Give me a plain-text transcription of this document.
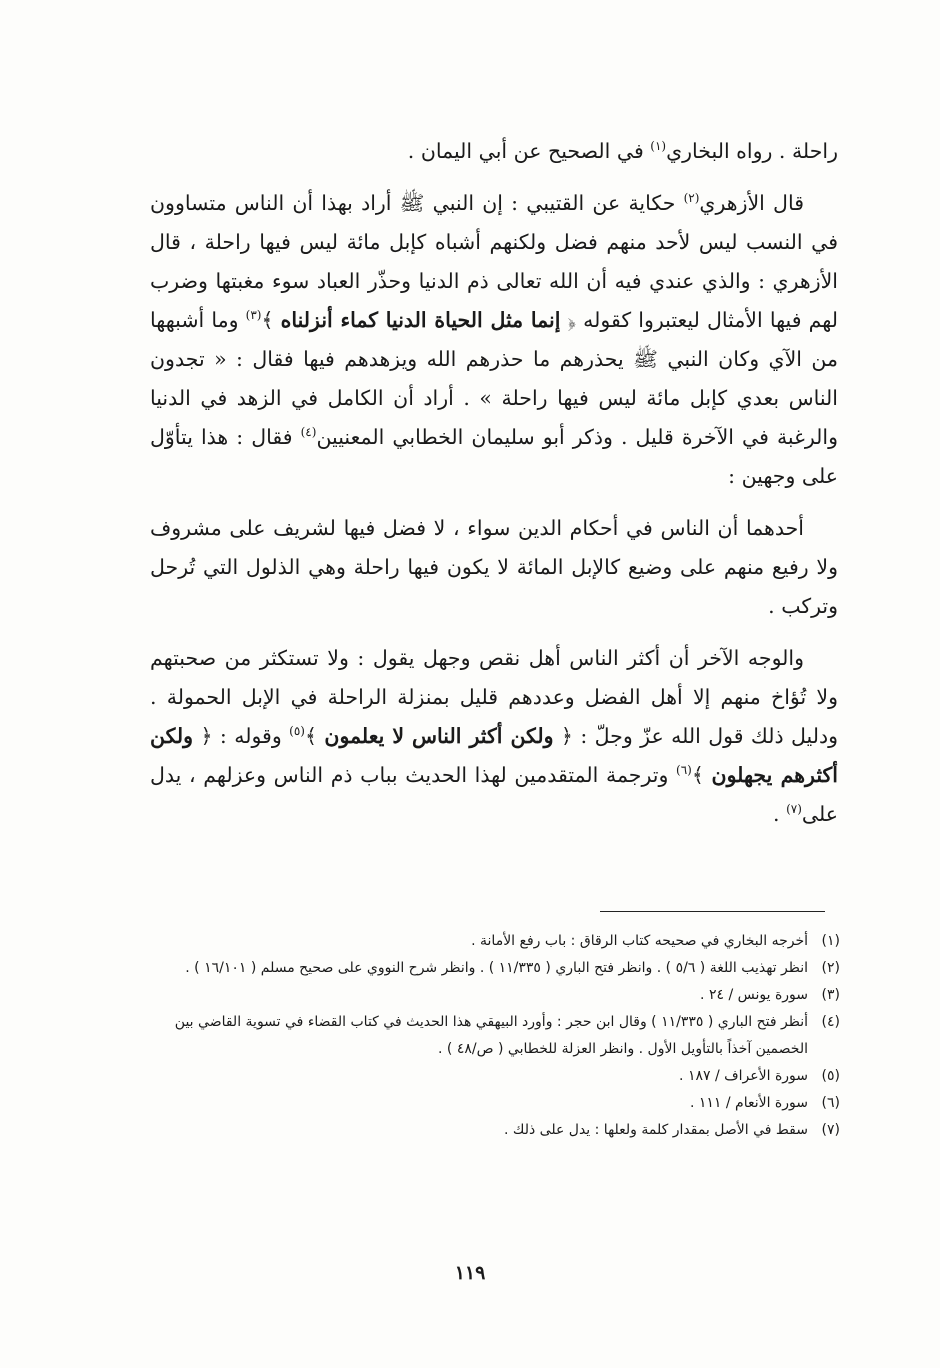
راحلة . رواه البخاري$^{(١)}$ في الصحيح عن أبي اليمان .

قال الأزهري$^{(٢)}$ حكاية عن القتيبي : إن النبي ﷺ أراد بهذا أن الناس متساوون في النسب ليس لأحد منهم فضل ولكنهم أشباه كإبل مائة ليس فيها راحلة ، قال الأزهري : والذي عندي فيه أن الله تعالى ذم الدنيا وحذّر العباد سوء مغبتها وضرب لهم فيها الأمثال ليعتبروا كقوله ﴿ إنما مثل الحياة الدنيا كماء أنزلناه ﴾$^{(٣)}$ وما أشبهها من الآي وكان النبي ﷺ يحذرهم ما حذرهم الله ويزهدهم فيها فقال : « تجدون الناس بعدي كإبل مائة ليس فيها راحلة » . أراد أن الكامل في الزهد في الدنيا والرغبة في الآخرة قليل . وذكر أبو سليمان الخطابي المعنيين$^{(٤)}$ فقال : هذا يتأوّل على وجهين :

أحدهما أن الناس في أحكام الدين سواء ، لا فضل فيها لشريف على مشروف ولا رفيع منهم على وضيع كالإبل المائة لا يكون فيها راحلة وهي الذلول التي تُرحل وتركب .

والوجه الآخر أن أكثر الناس أهل نقص وجهل يقول : ولا تستكثر من صحبتهم ولا تُؤاخ منهم إلا أهل الفضل وعددهم قليل بمنزلة الراحلة في الإبل الحمولة . ودليل ذلك قول الله عزّ وجلّ : ﴿ ولكن أكثر الناس لا يعلمون ﴾$^{(٥)}$ وقوله : ﴿ ولكن أكثرهم يجهلون ﴾$^{(٦)}$ وترجمة المتقدمين لهذا الحديث بباب ذم الناس وعزلهم ، يدل على$^{(٧)}$ .

(١)
أخرجه البخاري في صحيحه كتاب الرقاق : باب رفع الأمانة .
(٢)
انظر تهذيب اللغة ( ٥/٦ ) . وانظر فتح الباري ( ١١/٣٣٥ ) . وانظر شرح النووي على صحيح مسلم ( ١٦/١٠١ ) .
(٣)
سورة يونس / ٢٤ .
(٤)
أنظر فتح الباري ( ١١/٣٣٥ ) وقال ابن حجر : وأورد البيهقي هذا الحديث في كتاب القضاء في تسوية القاضي بين الخصمين آخذاً بالتأويل الأول . وانظر العزلة للخطابي ( ص/٤٨ ) .
(٥)
سورة الأعراف / ١٨٧ .
(٦)
سورة الأنعام / ١١١ .
(٧)
سقط في الأصل بمقدار كلمة ولعلها : يدل على ذلك .
١١٩
